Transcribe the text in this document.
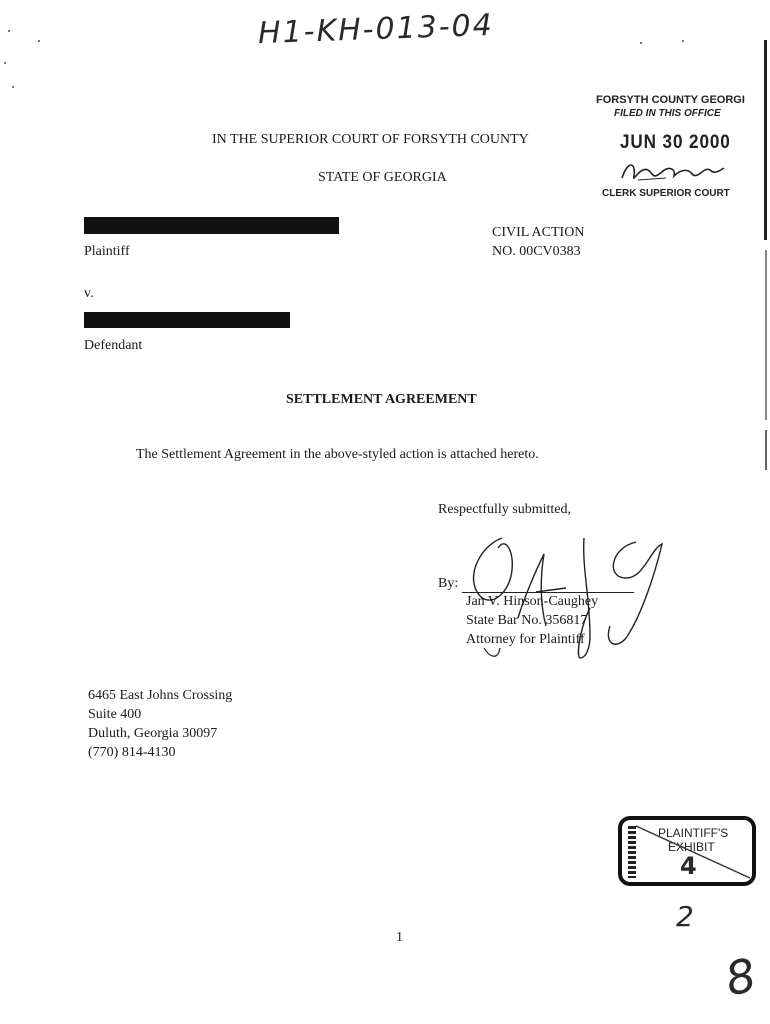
H1-KH-013-04
FORSYTH COUNTY GEORGI
FILED IN THIS OFFICE
JUN 30 2000
CLERK SUPERIOR COURT
IN THE SUPERIOR COURT OF FORSYTH COUNTY
STATE OF GEORGIA
Plaintiff
CIVIL ACTION
NO. 00CV0383
v.
Defendant
SETTLEMENT AGREEMENT
The Settlement Agreement in the above-styled action is attached hereto.
Respectfully submitted,
By:
Jan V. Hinson-Caughey
State Bar No. 356817
Attorney for Plaintiff
6465 East Johns Crossing
Suite 400
Duluth, Georgia 30097
(770) 814-4130
PLAINTIFF'S
EXHIBIT
4
2
1
8
